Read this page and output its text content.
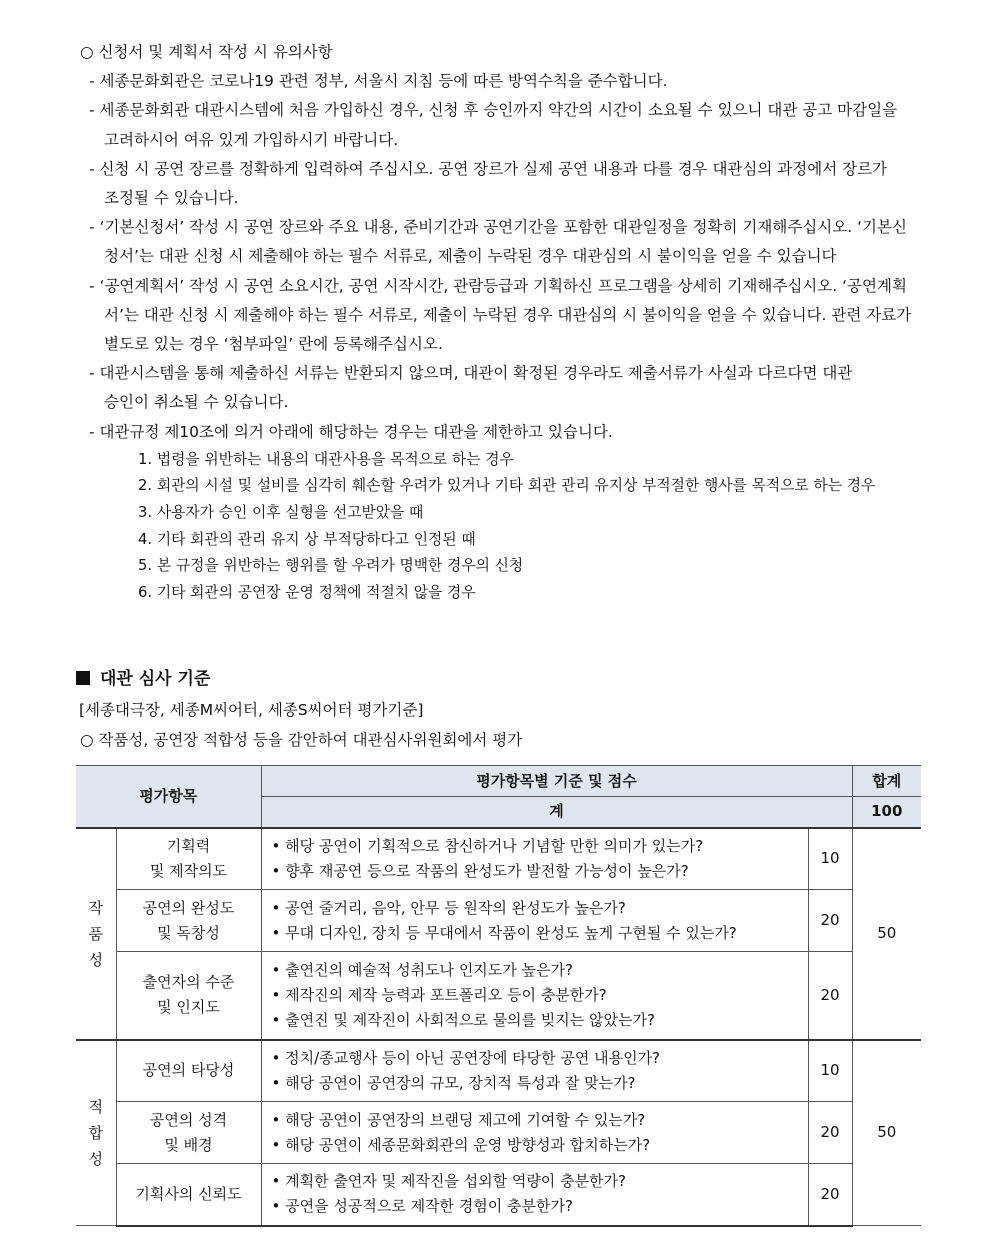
○ 신청서 및 계획서 작성 시 유의사항
- 세종문화회관은 코로나19 관련 정부, 서울시 지침 등에 따른 방역수칙을 준수합니다.
- 세종문화회관 대관시스템에 처음 가입하신 경우, 신청 후 승인까지 약간의 시간이 소요될 수 있으니 대관 공고 마감일을 고려하시어 여유 있게 가입하시기 바랍니다.
- 신청 시 공연 장르를 정확하게 입력하여 주십시오. 공연 장르가 실제 공연 내용과 다를 경우 대관심의 과정에서 장르가 조정될 수 있습니다.
- ‘기본신청서’ 작성 시 공연 장르와 주요 내용, 준비기간과 공연기간을 포함한 대관일정을 정확히 기재해주십시오. ‘기본신청서’는 대관 신청 시 제출해야 하는 필수 서류로, 제출이 누락된 경우 대관심의 시 불이익을 얻을 수 있습니다
- ‘공연계획서’ 작성 시 공연 소요시간, 공연 시작시간, 관람등급과 기획하신 프로그램을 상세히 기재해주십시오. ‘공연계획서’는 대관 신청 시 제출해야 하는 필수 서류로, 제출이 누락된 경우 대관심의 시 불이익을 얻을 수 있습니다. 관련 자료가 별도로 있는 경우 ‘첨부파일’ 란에 등록해주십시오.
- 대관시스템을 통해 제출하신 서류는 반환되지 않으며, 대관이 확정된 경우라도 제출서류가 사실과 다르다면 대관 승인이 취소될 수 있습니다.
- 대관규정 제10조에 의거 아래에 해당하는 경우는 대관을 제한하고 있습니다.
1. 법령을 위반하는 내용의 대관사용을 목적으로 하는 경우
2. 회관의 시설 및 설비를 심각히 훼손할 우려가 있거나 기타 회관 관리 유지상 부적절한 행사를 목적으로 하는 경우
3. 사용자가 승인 이후 실형을 선고받았을 때
4. 기타 회관의 관리 유지 상 부적당하다고 인정된 때
5. 본 규정을 위반하는 행위를 할 우려가 명백한 경우의 신청
6. 기타 회관의 공연장 운영 정책에 적절치 않을 경우
대관 심사 기준
[세종대극장, 세종M씨어터, 세종S씨어터 평가기준]
○ 작품성, 공연장 적합성 등을 감안하여 대관심사위원회에서 평가
평가항목		평가항목별 기준 및 점수		합계
		계		100
작
품
성	기획력
및 제작의도	• 해당 공연이 기획적으로 참신하거나 기념할 만한 의미가 있는가?
• 향후 재공연 등으로 작품의 완성도가 발전할 가능성이 높은가?	10	50
	공연의 완성도
및 독창성	• 공연 줄거리, 음악, 안무 등 원작의 완성도가 높은가?
• 무대 디자인, 장치 등 무대에서 작품이 완성도 높게 구현될 수 있는가?	20	
	출연자의 수준
및 인지도	• 출연진의 예술적 성취도나 인지도가 높은가?
• 제작진의 제작 능력과 포트폴리오 등이 충분한가?
• 출연진 및 제작진이 사회적으로 물의를 빚지는 않았는가?	20	
적
합
성	공연의 타당성	• 정치/종교행사 등이 아닌 공연장에 타당한 공연 내용인가?
• 해당 공연이 공연장의 규모, 장치적 특성과 잘 맞는가?	10	50
	공연의 성격
및 배경	• 해당 공연이 공연장의 브랜딩 제고에 기여할 수 있는가?
• 해당 공연이 세종문화회관의 운영 방향성과 합치하는가?	20	
	기획사의 신뢰도	• 계획한 출연자 및 제작진을 섭외할 역량이 충분한가?
• 공연을 성공적으로 제작한 경험이 충분한가?	20	
